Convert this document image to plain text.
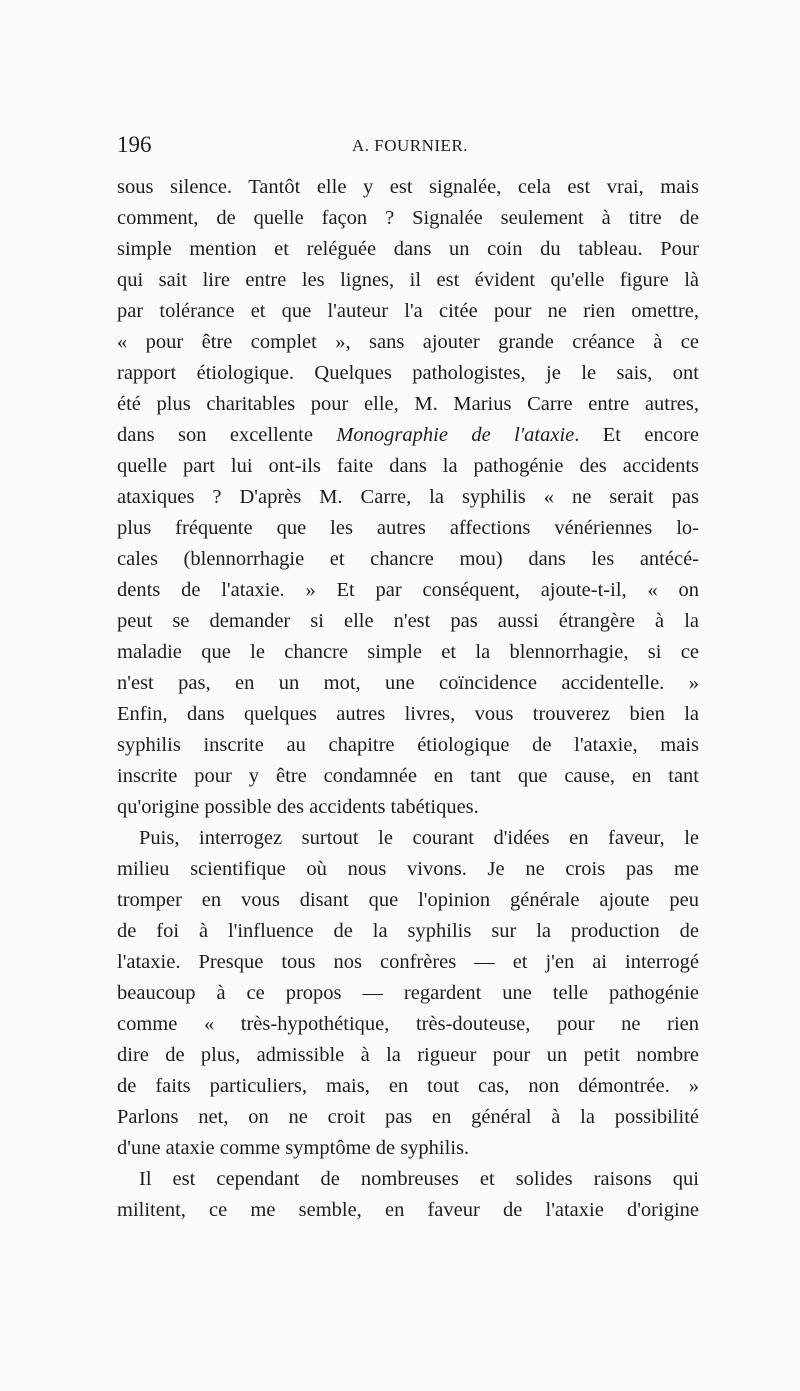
196	A. FOURNIER.
sous silence. Tantôt elle y est signalée, cela est vrai, mais
comment, de quelle façon ? Signalée seulement à titre de
simple mention et reléguée dans un coin du tableau. Pour
qui sait lire entre les lignes, il est évident qu'elle figure là
par tolérance et que l'auteur l'a citée pour ne rien omettre,
« pour être complet », sans ajouter grande créance à ce
rapport étiologique. Quelques pathologistes, je le sais, ont
été plus charitables pour elle, M. Marius Carre entre autres,
dans son excellente Monographie de l'ataxie. Et encore
quelle part lui ont-ils faite dans la pathogénie des accidents
ataxiques ? D'après M. Carre, la syphilis « ne serait pas
plus fréquente que les autres affections vénériennes lo-
cales (blennorrhagie et chancre mou) dans les antécé-
dents de l'ataxie. » Et par conséquent, ajoute-t-il, « on
peut se demander si elle n'est pas aussi étrangère à la
maladie que le chancre simple et la blennorrhagie, si ce
n'est pas, en un mot, une coïncidence accidentelle. »
Enfin, dans quelques autres livres, vous trouverez bien la
syphilis inscrite au chapitre étiologique de l'ataxie, mais
inscrite pour y être condamnée en tant que cause, en tant
qu'origine possible des accidents tabétiques.
Puis, interrogez surtout le courant d'idées en faveur, le
milieu scientifique où nous vivons. Je ne crois pas me
tromper en vous disant que l'opinion générale ajoute peu
de foi à l'influence de la syphilis sur la production de
l'ataxie. Presque tous nos confrères — et j'en ai interrogé
beaucoup à ce propos — regardent une telle pathogénie
comme « très-hypothétique, très-douteuse, pour ne rien
dire de plus, admissible à la rigueur pour un petit nombre
de faits particuliers, mais, en tout cas, non démontrée. »
Parlons net, on ne croit pas en général à la possibilité
d'une ataxie comme symptôme de syphilis.
Il est cependant de nombreuses et solides raisons qui
militent, ce me semble, en faveur de l'ataxie d'origine
